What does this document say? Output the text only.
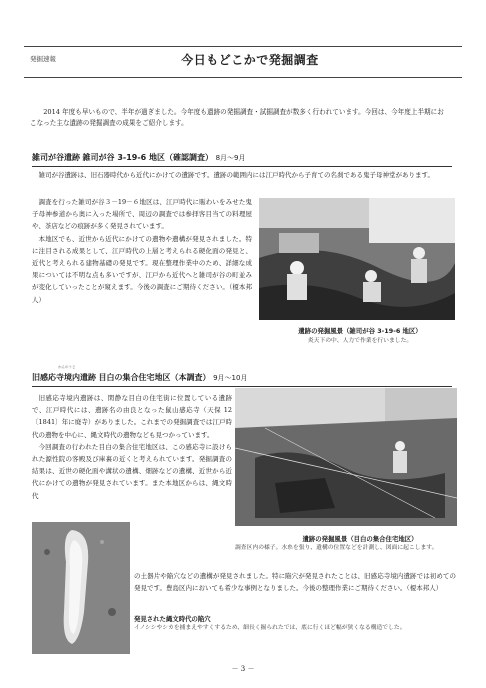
発掘速報	今日もどこかで発掘調査
2014 年度も早いもので、半年が過ぎました。今年度も遺跡の発掘調査・試掘調査が数多く行われています。今回は、今年度上半期におこなった主な遺跡の発掘調査の成果をご紹介します。
雑司が谷遺跡 雑司が谷 3-19-6 地区（確認調査） 8月～9月

雑司が谷遺跡は、旧石器時代から近代にかけての遺跡です。遺跡の範囲内には江戸時代から子育ての名刹である鬼子母神堂があります。

調査を行った雑司が谷３－19－６地区は、江戸時代に賑わいをみせた鬼子母神参道から奥に入った場所で、周辺の調査では参拝客目当ての料理屋や、茶店などの痕跡が多く発見されています。

本地区でも、近世から近代にかけての遺物や遺構が発見されました。特に注目される成果として、江戸時代の上層と考えられる硬化面の発見と、近代と考えられる建物基礎の発見です。現在整理作業中のため、詳細な成果については不明な点も多いですが、江戸から近代へと雑司が谷の町並みが変化していったことが窺えます。今後の調査にご期待ください。（榎本邦人）

遺跡の発掘風景（雑司が谷 3-19-6 地区）
炎天下の中、人力で作業を行いました。
かんのうじ
旧感応寺境内遺跡 目白の集合住宅地区（本調査） 9月～10月

旧感応寺境内遺跡は、閑静な目白の住宅街に位置している遺跡で、江戸時代には、遺跡名の由良となった鼠山感応寺（天保 12〔1841〕年に廃寺）がありました。これまでの発掘調査では江戸時代の遺物を中心に、縄文時代の遺物なども見つかっています。

今回調査の行われた目白の集合住宅地区は、この感応寺に設けられた源性院の客殿及び庫裏の近くと考えられています。発掘調査の結果は、近世の硬化面や溝状の遺構、畑跡などの遺構、近世から近代にかけての遺物が発見されています。また本地区からは、縄文時代

遺跡の発掘風景（目白の集合住宅地区）
調査区内の様子。水糸を張り、遺構の位置などを計測し、図面に起こします。

の土器片や陥穴などの遺構が発見されました。特に陥穴が発見されたことは、旧感応寺境内遺跡では初めての発見です。豊島区内においても希少な事例となりました。今後の整理作業にご期待ください。（榎本邦人）

発見された縄文時代の陥穴
イノシシやシカを捕まえやすくするため、細長く掘られたでは、底に行くほど幅が狭くなる構造でした。
－ 3 －
